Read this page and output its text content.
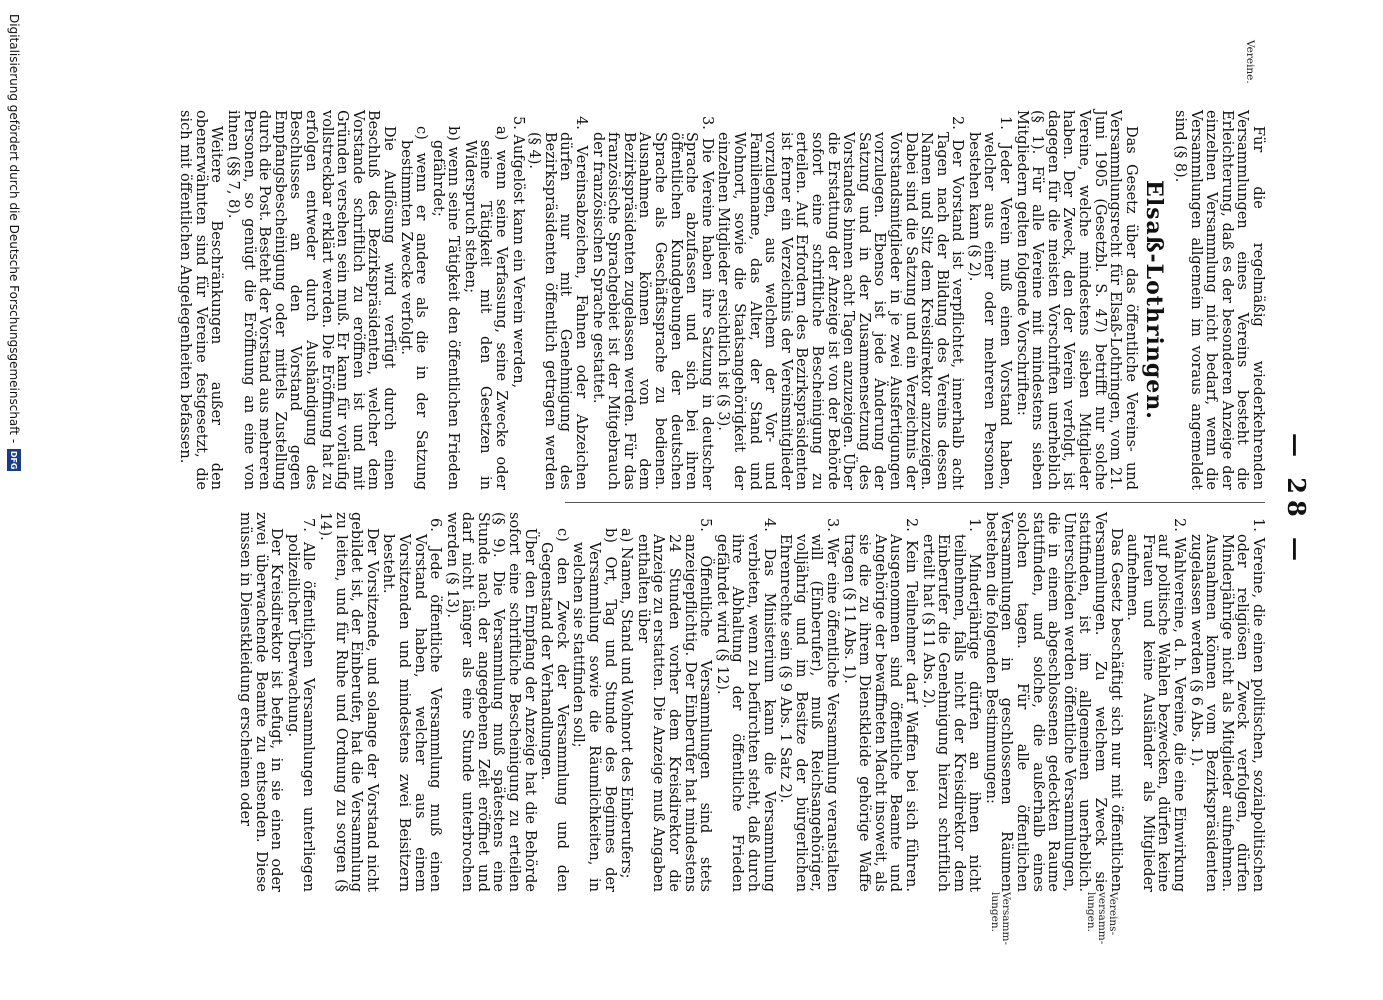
— 28 —
Vereine.
Vereins- versamm- lungen.
Versamm- lungen.

Für die regelmäßig wiederkehrenden Versammlungen eines Vereins besteht die Erleichterung, daß es der besonderen Anzeige der einzelnen Versammlung nicht bedarf, wenn die Versammlungen allgemein im voraus angemeldet sind (§ 8).

Elsaß-Lothringen.

Das Gesetz über das öffentliche Vereins- und Versammlungsrecht für Elsaß-Lothringen, vom 21. Juni 1905 (Gesetzbl. S. 47) betrifft nur solche Vereine, welche mindestens sieben Mitglieder haben. Der Zweck, den der Verein verfolgt, ist dagegen für die meisten Vorschriften unerheblich (§ 1). Für alle Vereine mit mindestens sieben Mitgliedern gelten folgende Vorschriften:

1. Jeder Verein muß einen Vorstand haben, welcher aus einer oder mehreren Personen bestehen kann (§ 2).

2. Der Vorstand ist verpflichtet, innerhalb acht Tagen nach der Bildung des Vereins dessen Namen und Sitz dem Kreisdirektor anzuzeigen. Dabei sind die Satzung und ein Verzeichnis der Vorstandsmitglieder in je zwei Ausfertigungen vorzulegen. Ebenso ist jede Änderung der Satzung und in der Zusammensetzung des Vorstandes binnen acht Tagen anzuzeigen. Über die Erstattung der Anzeige ist von der Behörde sofort eine schriftliche Bescheinigung zu erteilen. Auf Erfordern des Bezirkspräsidenten ist ferner ein Verzeichnis der Vereinsmitglieder vorzulegen, aus welchem der Vor- und Familienname, das Alter, der Stand und Wohnort, sowie die Staatsangehörigkeit der einzelnen Mitglieder ersichtlich ist (§ 3).

3. Die Vereine haben ihre Satzung in deutscher Sprache abzufassen und sich bei ihren öffentlichen Kundgebungen der deutschen Sprache als Geschäftssprache zu bedienen. Ausnahmen können von dem Bezirkspräsidenten zugelassen werden. Für das französische Sprachgebiet ist der Mitgebrauch der französischen Sprache gestattet.

4. Vereinsabzeichen, Fahnen oder Abzeichen dürfen nur mit Genehmigung des Bezirkspräsidenten öffentlich getragen werden (§ 4).

5. Aufgelöst kann ein Verein werden,

a) wenn seine Verfassung, seine Zwecke oder seine Tätigkeit mit den Gesetzen in Widerspruch stehen;

b) wenn seine Tätigkeit den öffentlichen Frieden gefährdet;

c) wenn er andere als die in der Satzung bestimmten Zwecke verfolgt.

Die Auflösung wird verfügt durch einen Beschluß des Bezirkspräsidenten, welcher dem Vorstande schriftlich zu eröffnen ist und mit Gründen versehen sein muß. Er kann für vorläufig vollstreckbar erklärt werden. Die Eröffnung hat zu erfolgen entweder durch Aushändigung des Beschlusses an den Vorstand gegen Empfangsbescheinigung oder mittels Zustellung durch die Post. Besteht der Vorstand aus mehreren Personen, so genügt die Eröffnung an eine von ihnen (§§ 7, 8).

Weitere Beschränkungen außer den obenerwähnten sind für Vereine festgesetzt, die sich mit öffentlichen Angelegenheiten befassen.

1. Vereine, die einen politischen, sozialpolitischen oder religiösen Zweck verfolgen, dürfen Minderjährige nicht als Mitglieder aufnehmen. Ausnahmen können vom Bezirkspräsidenten zugelassen werden (§ 6 Abs. 1).

2. Wahlvereine, d. h. Vereine, die eine Einwirkung auf politische Wahlen bezwecken, dürfen keine Frauen und keine Ausländer als Mitglieder aufnehmen.

Das Gesetz beschäftigt sich nur mit öffentlichen Versammlungen. Zu welchem Zweck sie stattfinden, ist im allgemeinen unerheblich. Unterschieden werden öffentliche Versammlungen, die in einem abgeschlossenen gedeckten Raume stattfinden, und solche, die außerhalb eines solchen tagen. Für alle öffentlichen Versammlungen in geschlossenen Räumen bestehen die folgenden Bestimmungen:

1. Minderjährige dürfen an ihnen nicht teilnehmen, falls nicht der Kreisdirektor dem Einberufer die Genehmigung hierzu schriftlich erteilt hat (§ 11 Abs. 2).

2. Kein Teilnehmer darf Waffen bei sich führen. Ausgenommen sind öffentliche Beamte und Angehörige der bewaffneten Macht insoweit, als sie die zu ihrem Dienstkleide gehörige Waffe tragen (§ 11 Abs. 1).

3. Wer eine öffentliche Versammlung veranstalten will (Einberufer), muß Reichsangehöriger, volljährig und im Besitze der bürgerlichen Ehrenrechte sein (§ 9 Abs. 1 Satz 2).

4. Das Ministerium kann die Versammlung verbieten, wenn zu befürchten steht, daß durch ihre Abhaltung der öffentliche Frieden gefährdet wird (§ 12).

5. Öffentliche Versammlungen sind stets anzeigepflichtig. Der Einberufer hat mindestens 24 Stunden vorher dem Kreisdirektor die Anzeige zu erstatten. Die Anzeige muß Angaben enthalten über

a) Namen, Stand und Wohnort des Einberufers;

b) Ort, Tag und Stunde des Beginnes der Versammlung sowie die Räumlichkeiten, in welchen sie stattfinden soll;

c) den Zweck der Versammlung und den Gegenstand der Verhandlungen.

Über den Empfang der Anzeige hat die Behörde sofort eine schriftliche Bescheinigung zu erteilen (§ 9). Die Versammlung muß spätestens eine Stunde nach der angegebenen Zeit eröffnet und darf nicht länger als eine Stunde unterbrochen werden (§ 13).

6. Jede öffentliche Versammlung muß einen Vorstand haben, welcher aus einem Vorsitzenden und mindestens zwei Beisitzern besteht.

Der Vorsitzende, und solange der Vorstand nicht gebildet ist, der Einberufer, hat die Versammlung zu leiten, und für Ruhe und Ordnung zu sorgen (§ 14).

7. Alle öffentlichen Versammlungen unterliegen polizeilicher Überwachung.

Der Kreisdirektor ist befugt, in sie einen oder zwei überwachende Beamte zu entsenden. Diese müssen in Dienstkleidung erscheinen oder

Digitalisierung gefördert durch die Deutsche Forschungsgemeinschaft -
DFG
